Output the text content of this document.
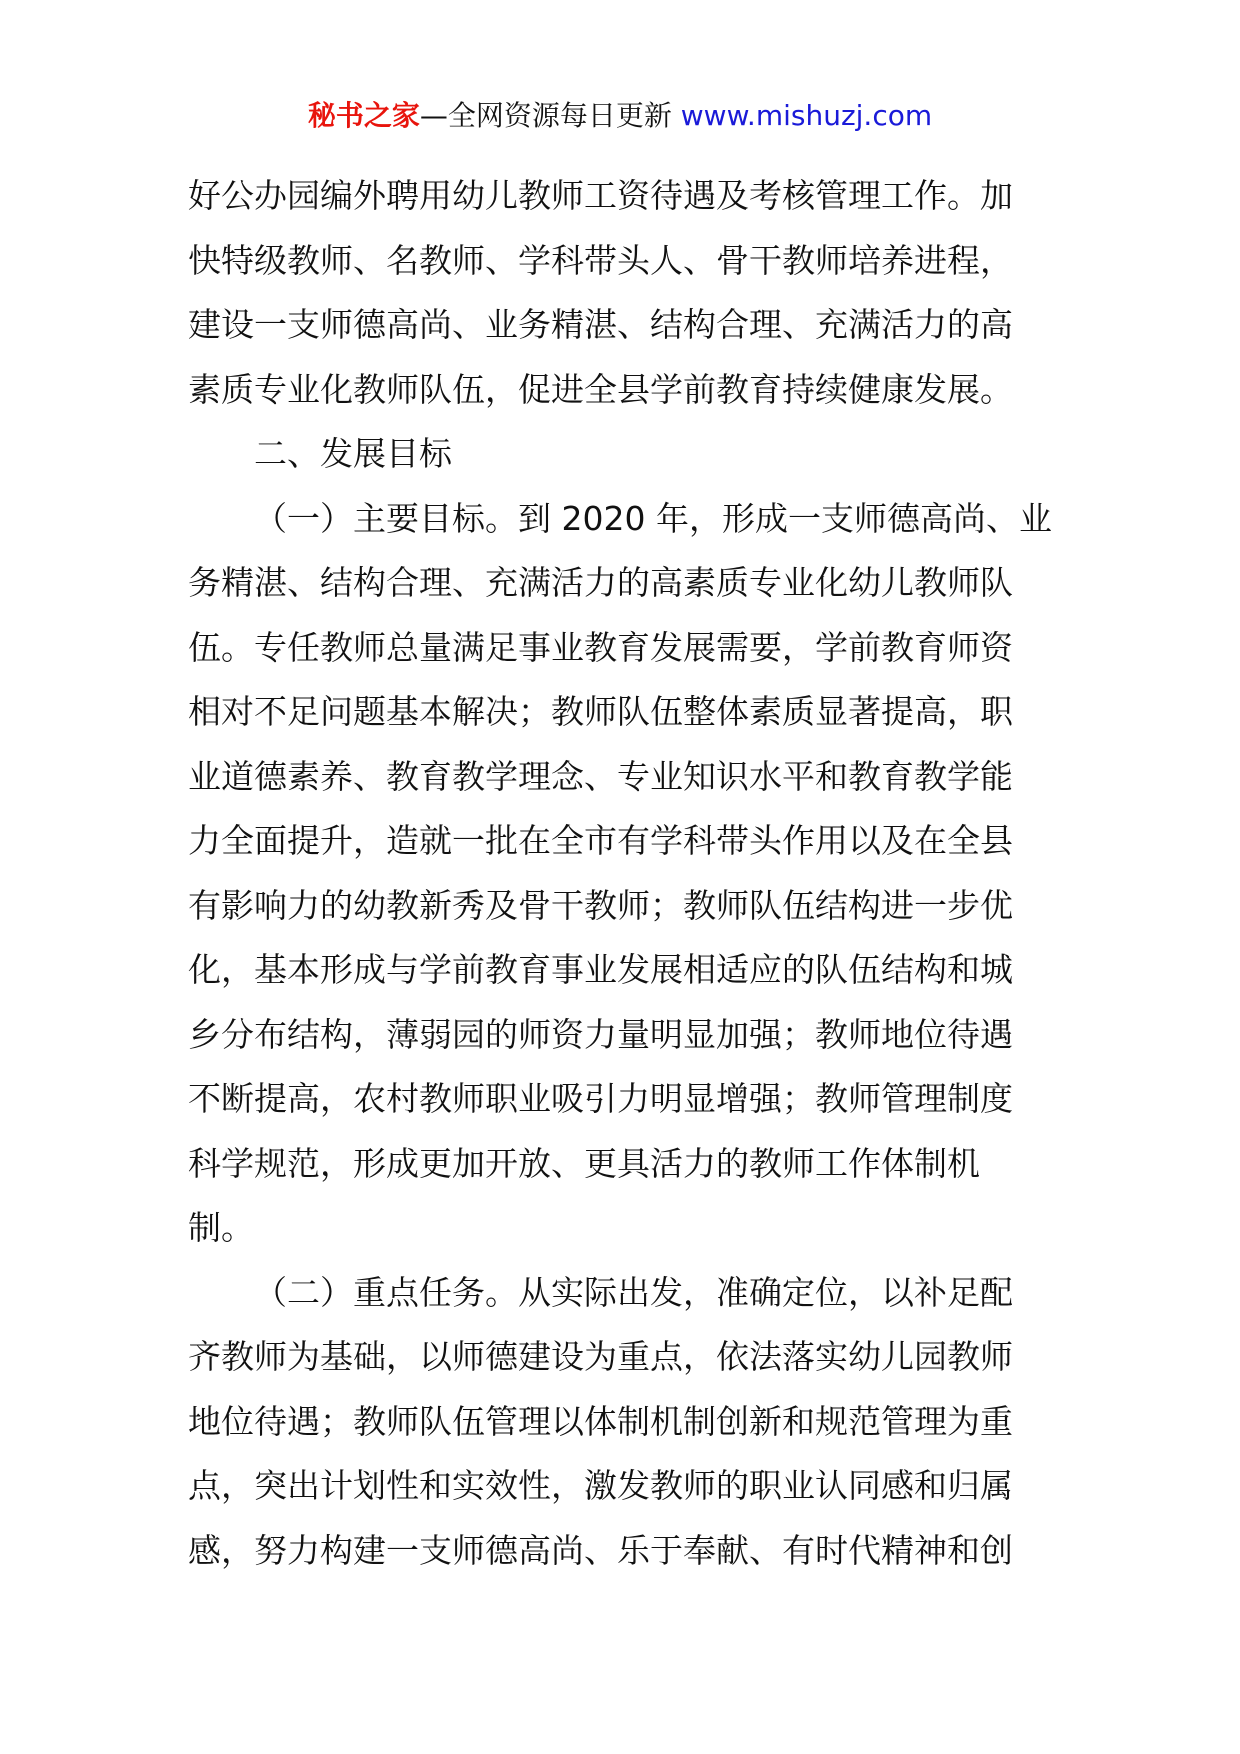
秘书之家—全网资源每日更新 www.mishuzj.com
好公办园编外聘用幼儿教师工资待遇及考核管理工作。加
快特级教师、名教师、学科带头人、骨干教师培养进程，
建设一支师德高尚、业务精湛、结构合理、充满活力的高
素质专业化教师队伍，促进全县学前教育持续健康发展。
二、发展目标
（一）主要目标。到 2020 年，形成一支师德高尚、业
务精湛、结构合理、充满活力的高素质专业化幼儿教师队
伍。专任教师总量满足事业教育发展需要，学前教育师资
相对不足问题基本解决；教师队伍整体素质显著提高，职
业道德素养、教育教学理念、专业知识水平和教育教学能
力全面提升，造就一批在全市有学科带头作用以及在全县
有影响力的幼教新秀及骨干教师；教师队伍结构进一步优
化，基本形成与学前教育事业发展相适应的队伍结构和城
乡分布结构，薄弱园的师资力量明显加强；教师地位待遇
不断提高，农村教师职业吸引力明显增强；教师管理制度
科学规范，形成更加开放、更具活力的教师工作体制机
制。
（二）重点任务。从实际出发，准确定位，以补足配
齐教师为基础，以师德建设为重点，依法落实幼儿园教师
地位待遇；教师队伍管理以体制机制创新和规范管理为重
点，突出计划性和实效性，激发教师的职业认同感和归属
感，努力构建一支师德高尚、乐于奉献、有时代精神和创
